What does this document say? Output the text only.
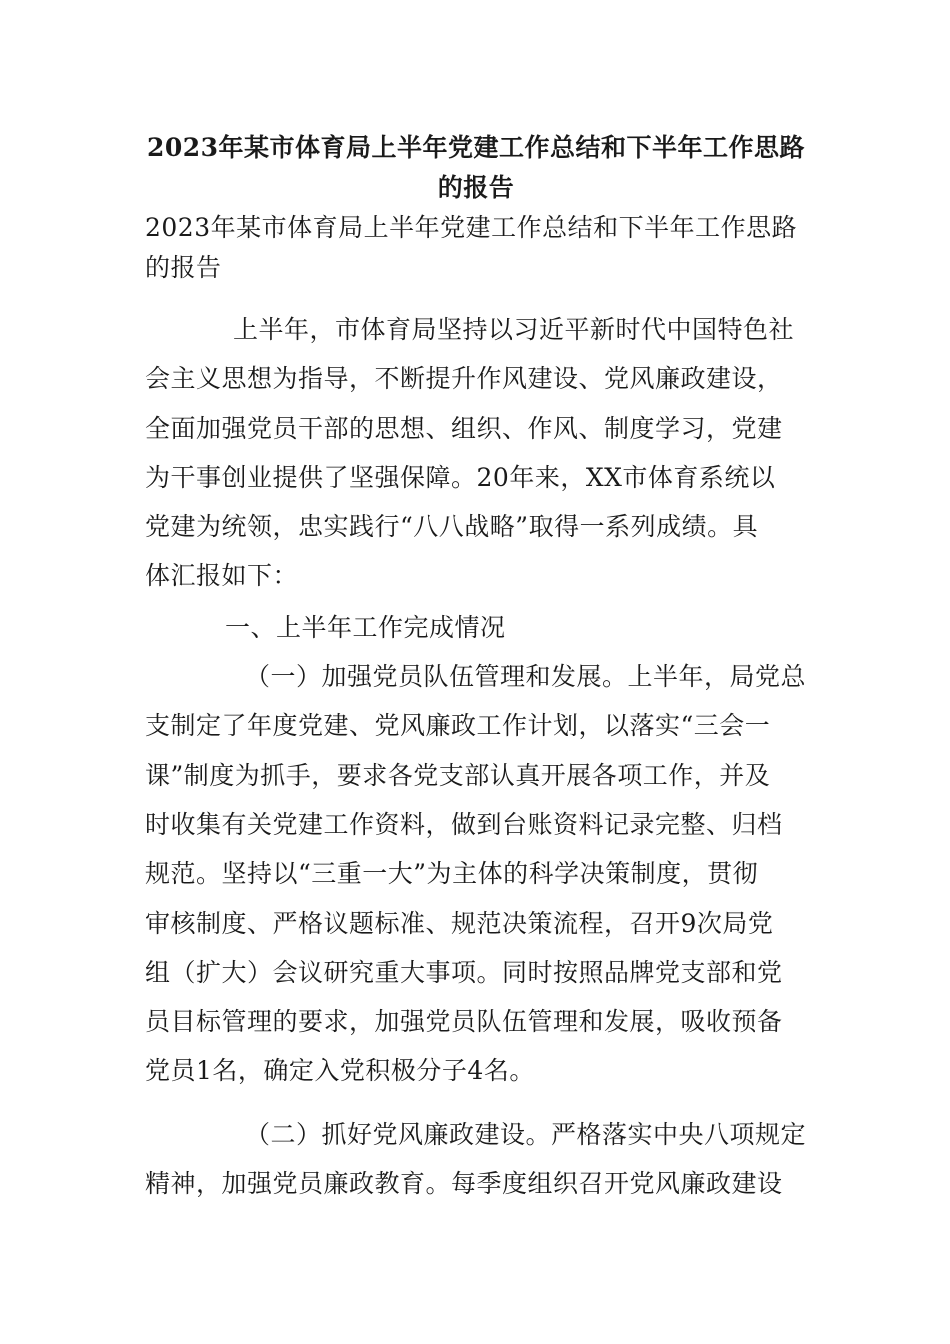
2023年某市体育局上半年党建工作总结和下半年工作思路
的报告
2023年某市体育局上半年党建工作总结和下半年工作思路
的报告
上半年，市体育局坚持以习近平新时代中国特色社
会主义思想为指导，不断提升作风建设、党风廉政建设，
全面加强党员干部的思想、组织、作风、制度学习，党建
为干事创业提供了坚强保障。20年来，XX市体育系统以
党建为统领，忠实践行“八八战略”取得一系列成绩。具
体汇报如下：
一、上半年工作完成情况
（一）加强党员队伍管理和发展。上半年，局党总
支制定了年度党建、党风廉政工作计划，以落实“三会一
课”制度为抓手，要求各党支部认真开展各项工作，并及
时收集有关党建工作资料，做到台账资料记录完整、归档
规范。坚持以“三重一大”为主体的科学决策制度，贯彻
审核制度、严格议题标准、规范决策流程，召开9次局党
组（扩大）会议研究重大事项。同时按照品牌党支部和党
员目标管理的要求，加强党员队伍管理和发展，吸收预备
党员1名，确定入党积极分子4名。
（二）抓好党风廉政建设。严格落实中央八项规定
精神，加强党员廉政教育。每季度组织召开党风廉政建设
